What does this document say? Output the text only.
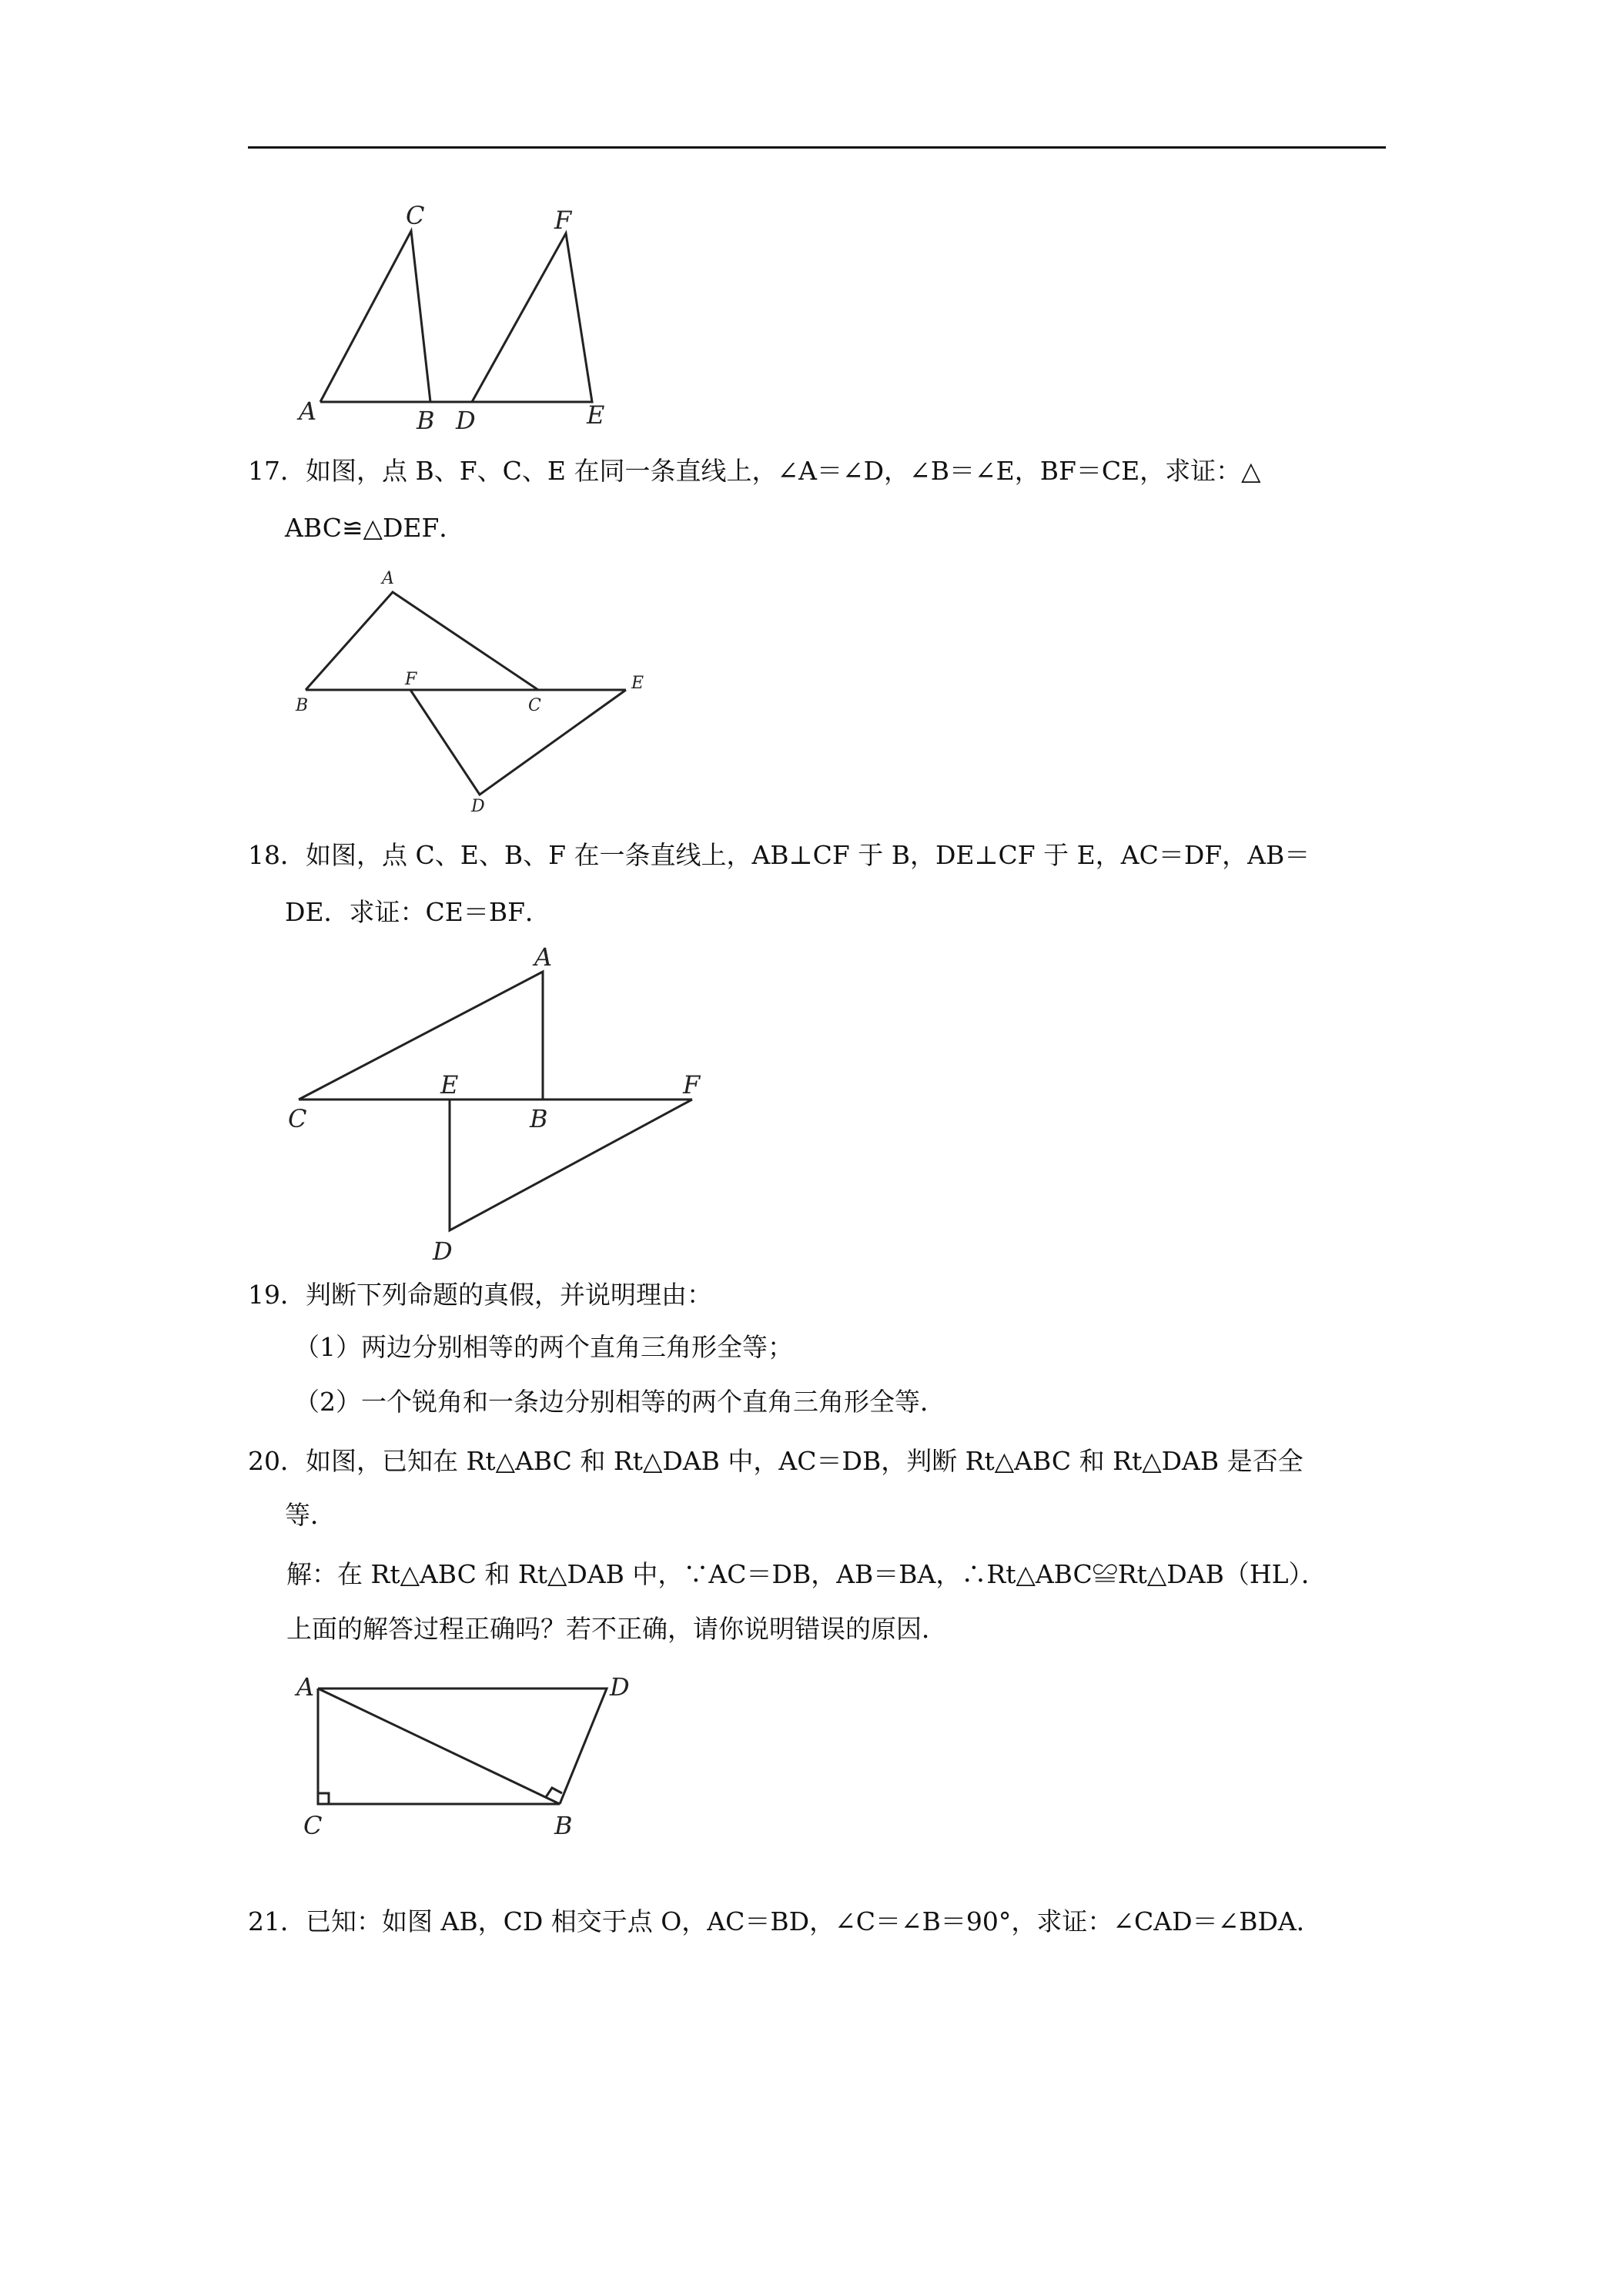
A	B
C
D	E
F
17．如图，点 B、F、C、E 在同一条直线上，∠A＝∠D，∠B＝∠E，BF＝CE，求证：△
ABC≌△DEF．
A
B	C
D
E
F
18．如图，点 C、E、B、F 在一条直线上，AB⊥CF 于 B，DE⊥CF 于 E，AC＝DF，AB＝
DE．求证：CE＝BF．
A
B
C
D
E	F
19．判断下列命题的真假，并说明理由：
（1）两边分别相等的两个直角三角形全等；
（2）一个锐角和一条边分别相等的两个直角三角形全等．
20．如图，已知在 Rt△ABC 和 Rt△DAB 中，AC＝DB，判断 Rt△ABC 和 Rt△DAB 是否全
等．
解：在 Rt△ABC 和 Rt△DAB 中，∵AC＝DB，AB＝BA，∴Rt△ABC≌Rt△DAB（HL）．
上面的解答过程正确吗？若不正确，请你说明错误的原因．
A	D
C	B
21．已知：如图 AB，CD 相交于点 O，AC＝BD，∠C＝∠B＝90°，求证：∠CAD＝∠BDA．
